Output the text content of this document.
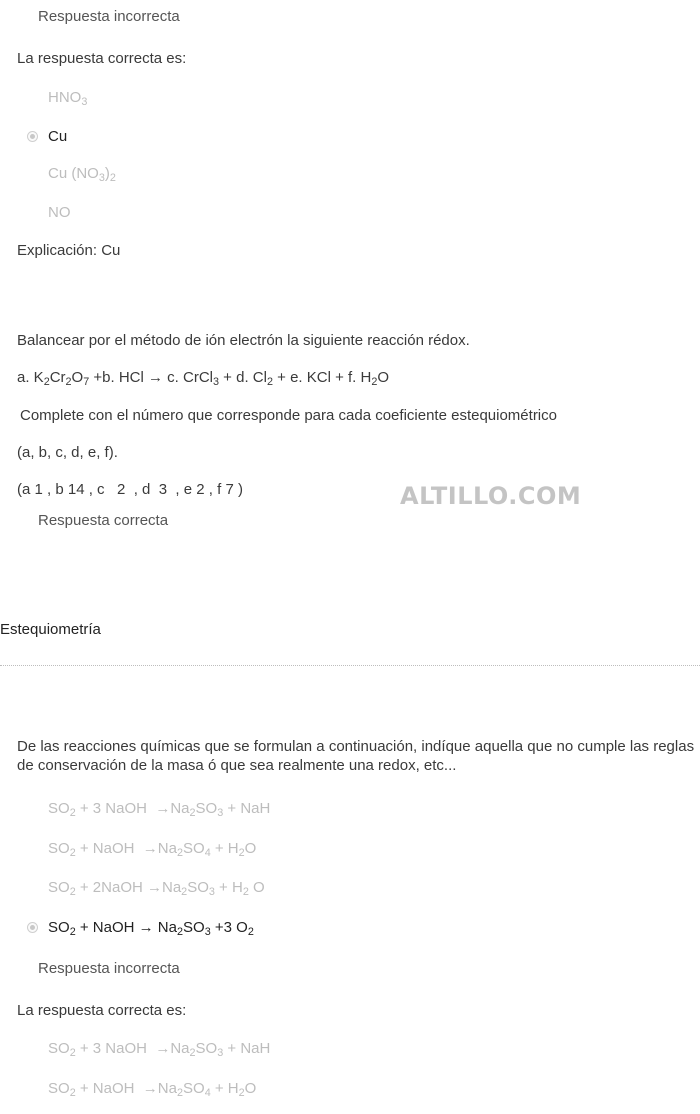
Respuesta incorrecta
La respuesta correcta es:
$HNO_3$
Cu
Cu $(NO_3)_2$
NO
Explicación: Cu
Balancear por el método de ión electrón la siguiente reacción rédox.
a. $K_2Cr_2O_7 +b$. HCl → c. CrCl$_3$ + d. $Cl_2 + e$. KCl + f. $H_2O$
Complete con el número que corresponde para cada coeficiente estequiométrico
(a, b, c, d, e, f).
(a 1 , b 14 , c   2  , d  3  , e 2 , f 7 )	ALTILLO.COM
Respuesta correcta
Estequiometría
De las reacciones químicas que se formulan a continuación, indíque aquella que no cumple las reglas de conservación de la masa ó que sea realmente una redox, etc...
$SO_2 + 3$ NaOH  $\to Na_2SO_3$ + NaH
$SO_2$ + NaOH  $\to Na_2SO_4 + H_2O$
$SO_2$ + 2NaOH $\to Na_2SO_3 + H_2$ O
$SO_2$ + NaOH → $Na_2SO_3 +3$ $O_2$
Respuesta incorrecta
La respuesta correcta es:
$SO_2 + 3$ NaOH  $\to Na_2SO_3$ + NaH
$SO_2$ + NaOH  $\to Na_2SO_4 + H_2O$
